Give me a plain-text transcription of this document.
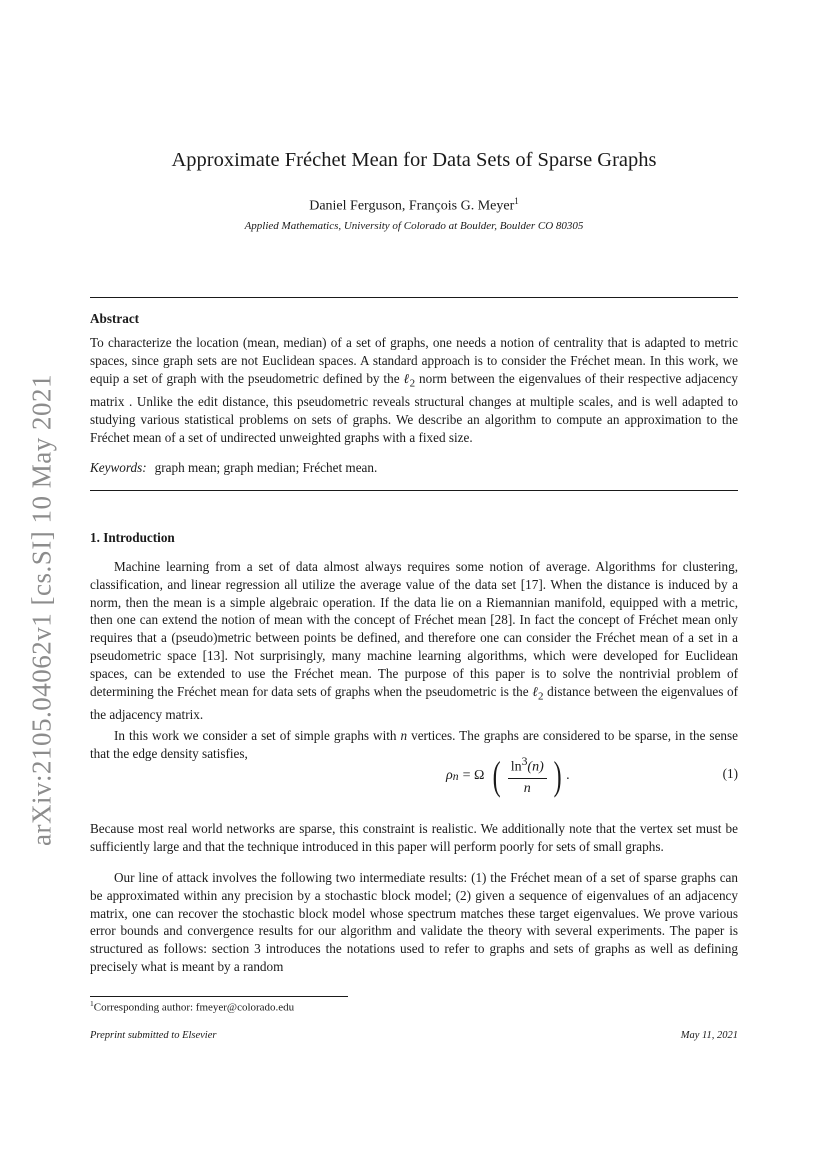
arXiv:2105.04062v1 [cs.SI] 10 May 2021
Approximate Fréchet Mean for Data Sets of Sparse Graphs
Daniel Ferguson, François G. Meyer$^1$
Applied Mathematics, University of Colorado at Boulder, Boulder CO 80305
Abstract
To characterize the location (mean, median) of a set of graphs, one needs a notion of centrality that is adapted to metric spaces, since graph sets are not Euclidean spaces. A standard approach is to consider the Fréchet mean. In this work, we equip a set of graph with the pseudometric defined by the ℓ$_2$ norm between the eigenvalues of their respective adjacency matrix . Unlike the edit distance, this pseudometric reveals structural changes at multiple scales, and is well adapted to studying various statistical problems on sets of graphs. We describe an algorithm to compute an approximation to the Fréchet mean of a set of undirected unweighted graphs with a fixed size.
Keywords: graph mean; graph median; Fréchet mean.
1. Introduction
Machine learning from a set of data almost always requires some notion of average. Algorithms for clustering, classification, and linear regression all utilize the average value of the data set [17]. When the distance is induced by a norm, then the mean is a simple algebraic operation. If the data lie on a Riemannian manifold, equipped with a metric, then one can extend the notion of mean with the concept of Fréchet mean [28]. In fact the concept of Fréchet mean only requires that a (pseudo)metric between points be defined, and therefore one can consider the Fréchet mean of a set in a pseudometric space [13]. Not surprisingly, many machine learning algorithms, which were developed for Euclidean spaces, can be extended to use the Fréchet mean. The purpose of this paper is to solve the nontrivial problem of determining the Fréchet mean for data sets of graphs when the pseudometric is the ℓ$_2$ distance between the eigenvalues of the adjacency matrix.
In this work we consider a set of simple graphs with n vertices. The graphs are considered to be sparse, in the sense that the edge density satisfies,
ρ n = Ω ( $\frac{\ln^3(n)}{n}$ ) .	(1)
Because most real world networks are sparse, this constraint is realistic. We additionally note that the vertex set must be sufficiently large and that the technique introduced in this paper will perform poorly for sets of small graphs.
Our line of attack involves the following two intermediate results: (1) the Fréchet mean of a set of sparse graphs can be approximated within any precision by a stochastic block model; (2) given a sequence of eigenvalues of an adjacency matrix, one can recover the stochastic block model whose spectrum matches these target eigenvalues. We prove various error bounds and convergence results for our algorithm and validate the theory with several experiments. The paper is structured as follows: section 3 introduces the notations used to refer to graphs and sets of graphs as well as defining precisely what is meant by a random
$^1$Corresponding author: fmeyer@colorado.edu
Preprint submitted to Elsevier	May 11, 2021
